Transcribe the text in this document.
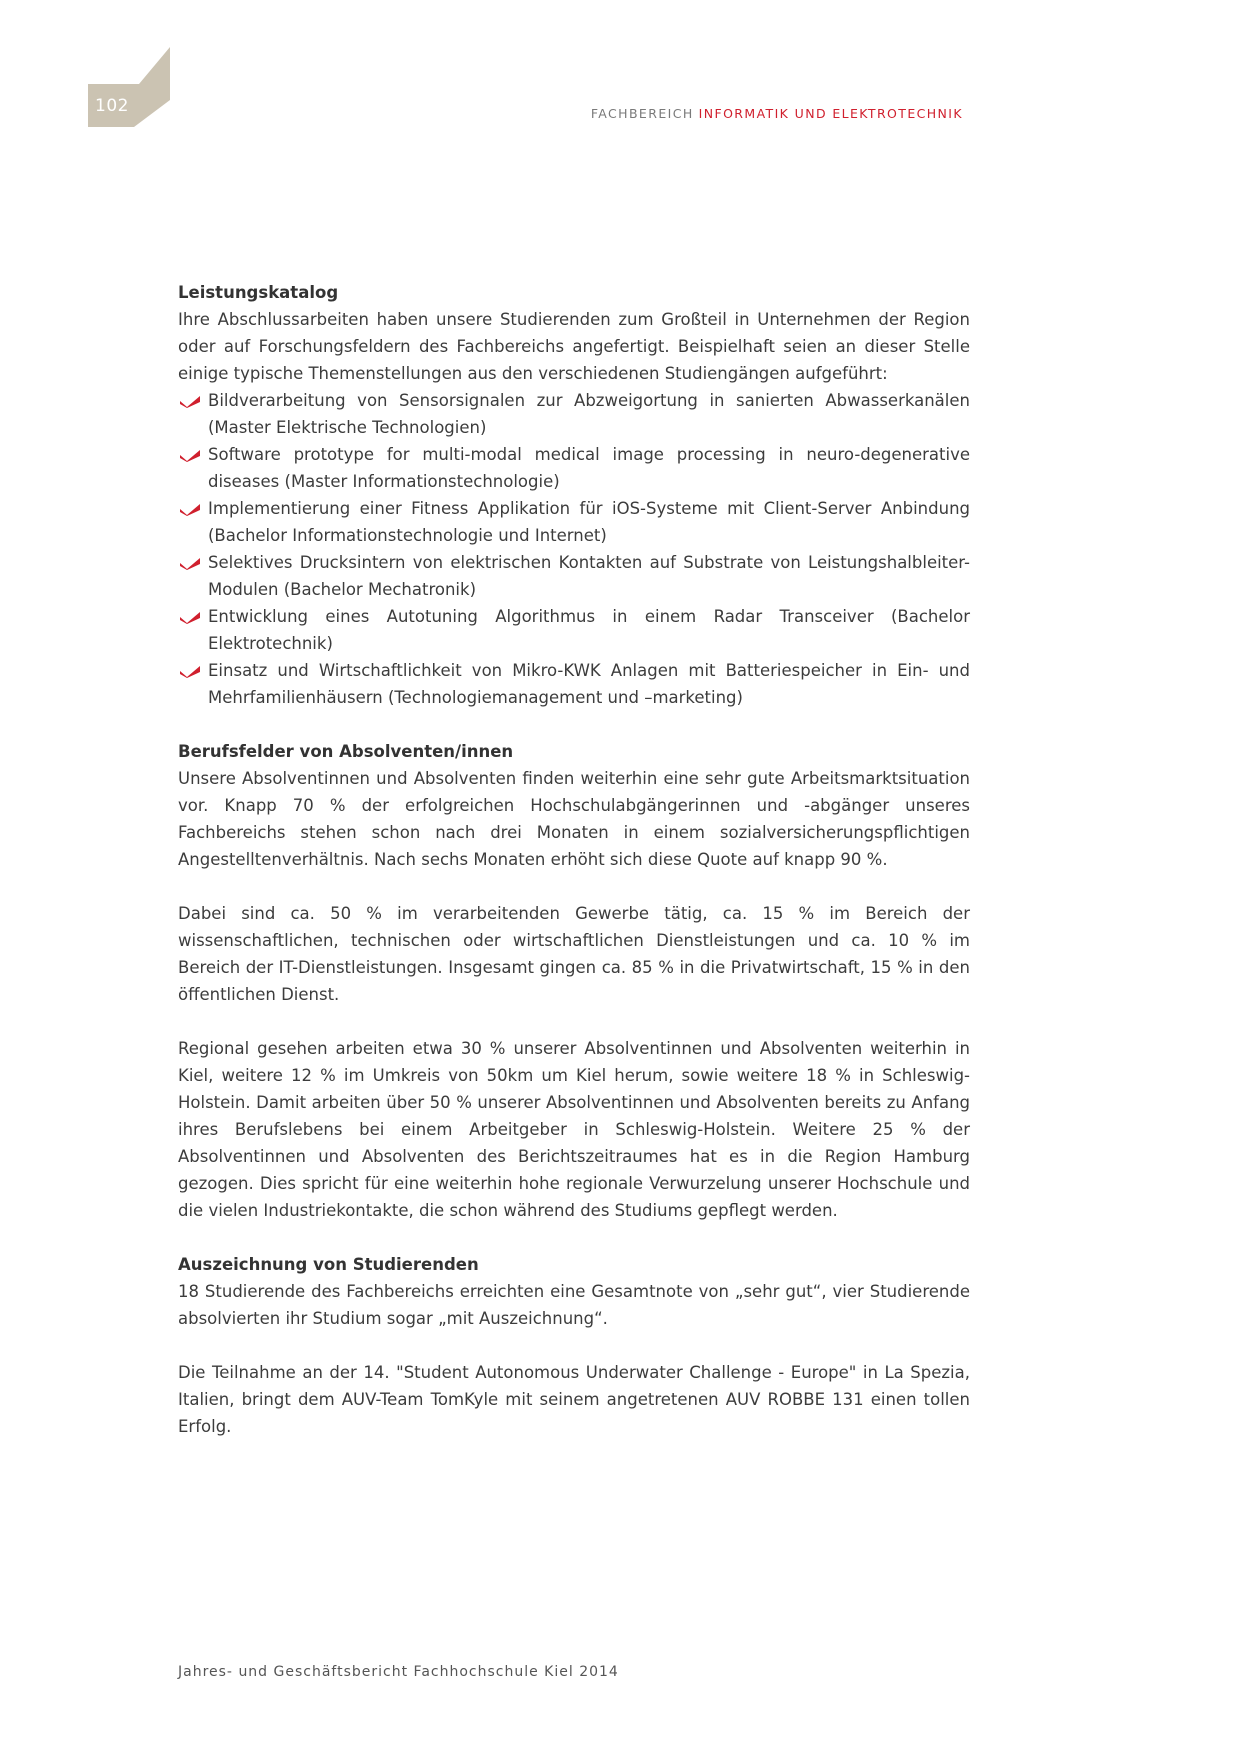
102	FACHBEREICH INFORMATIK UND ELEKTROTECHNIK
Leistungskatalog

Ihre Abschlussarbeiten haben unsere Studierenden zum Großteil in Unternehmen der Region oder auf Forschungsfeldern des Fachbereichs angefertigt. Beispielhaft seien an dieser Stelle einige typische Themenstellungen aus den verschiedenen Studiengängen aufgeführt:

Bildverarbeitung von Sensorsignalen zur Abzweigortung in sanierten Abwasserkanälen (Master Elektrische Technologien)
Software prototype for multi-modal medical image processing in neuro-degenerative diseases (Master Informationstechnologie)
Implementierung einer Fitness Applikation für iOS-Systeme mit Client-Server Anbindung (Bachelor Informationstechnologie und Internet)
Selektives Drucksintern von elektrischen Kontakten auf Substrate von Leistungshalbleiter-Modulen (Bachelor Mechatronik)
Entwicklung eines Autotuning Algorithmus in einem Radar Transceiver (Bachelor Elektrotechnik)
Einsatz und Wirtschaftlichkeit von Mikro-KWK Anlagen mit Batteriespeicher in Ein- und Mehrfamilienhäusern (Technologiemanagement und –marketing)
Berufsfelder von Absolventen/innen

Unsere Absolventinnen und Absolventen finden weiterhin eine sehr gute Arbeitsmarktsituation vor. Knapp 70 % der erfolgreichen Hochschulabgängerinnen und -abgänger unseres Fachbereichs stehen schon nach drei Monaten in einem sozialversicherungspflichtigen Angestelltenverhältnis. Nach sechs Monaten erhöht sich diese Quote auf knapp 90 %.

Dabei sind ca. 50 % im verarbeitenden Gewerbe tätig, ca. 15 % im Bereich der wissenschaftlichen, technischen oder wirtschaftlichen Dienstleistungen und ca. 10 % im Bereich der IT-Dienstleistungen. Insgesamt gingen ca. 85 % in die Privatwirtschaft, 15 % in den öffentlichen Dienst.

Regional gesehen arbeiten etwa 30 % unserer Absolventinnen und Absolventen weiterhin in Kiel, weitere 12 % im Umkreis von 50km um Kiel herum, sowie weitere 18 % in Schleswig-Holstein. Damit arbeiten über 50 % unserer Absolventinnen und Absolventen bereits zu Anfang ihres Berufslebens bei einem Arbeitgeber in Schleswig-Holstein. Weitere 25 % der Absolventinnen und Absolventen des Berichtszeitraumes hat es in die Region Hamburg gezogen. Dies spricht für eine weiterhin hohe regionale Verwurzelung unserer Hochschule und die vielen Industriekontakte, die schon während des Studiums gepflegt werden.

Auszeichnung von Studierenden

18 Studierende des Fachbereichs erreichten eine Gesamtnote von „sehr gut“, vier Studierende absolvierten ihr Studium sogar „mit Auszeichnung“.

Die Teilnahme an der 14. "Student Autonomous Underwater Challenge - Europe" in La Spezia, Italien, bringt dem AUV-Team TomKyle mit seinem angetretenen AUV ROBBE 131 einen tollen Erfolg.

Jahres- und Geschäftsbericht Fachhochschule Kiel 2014
